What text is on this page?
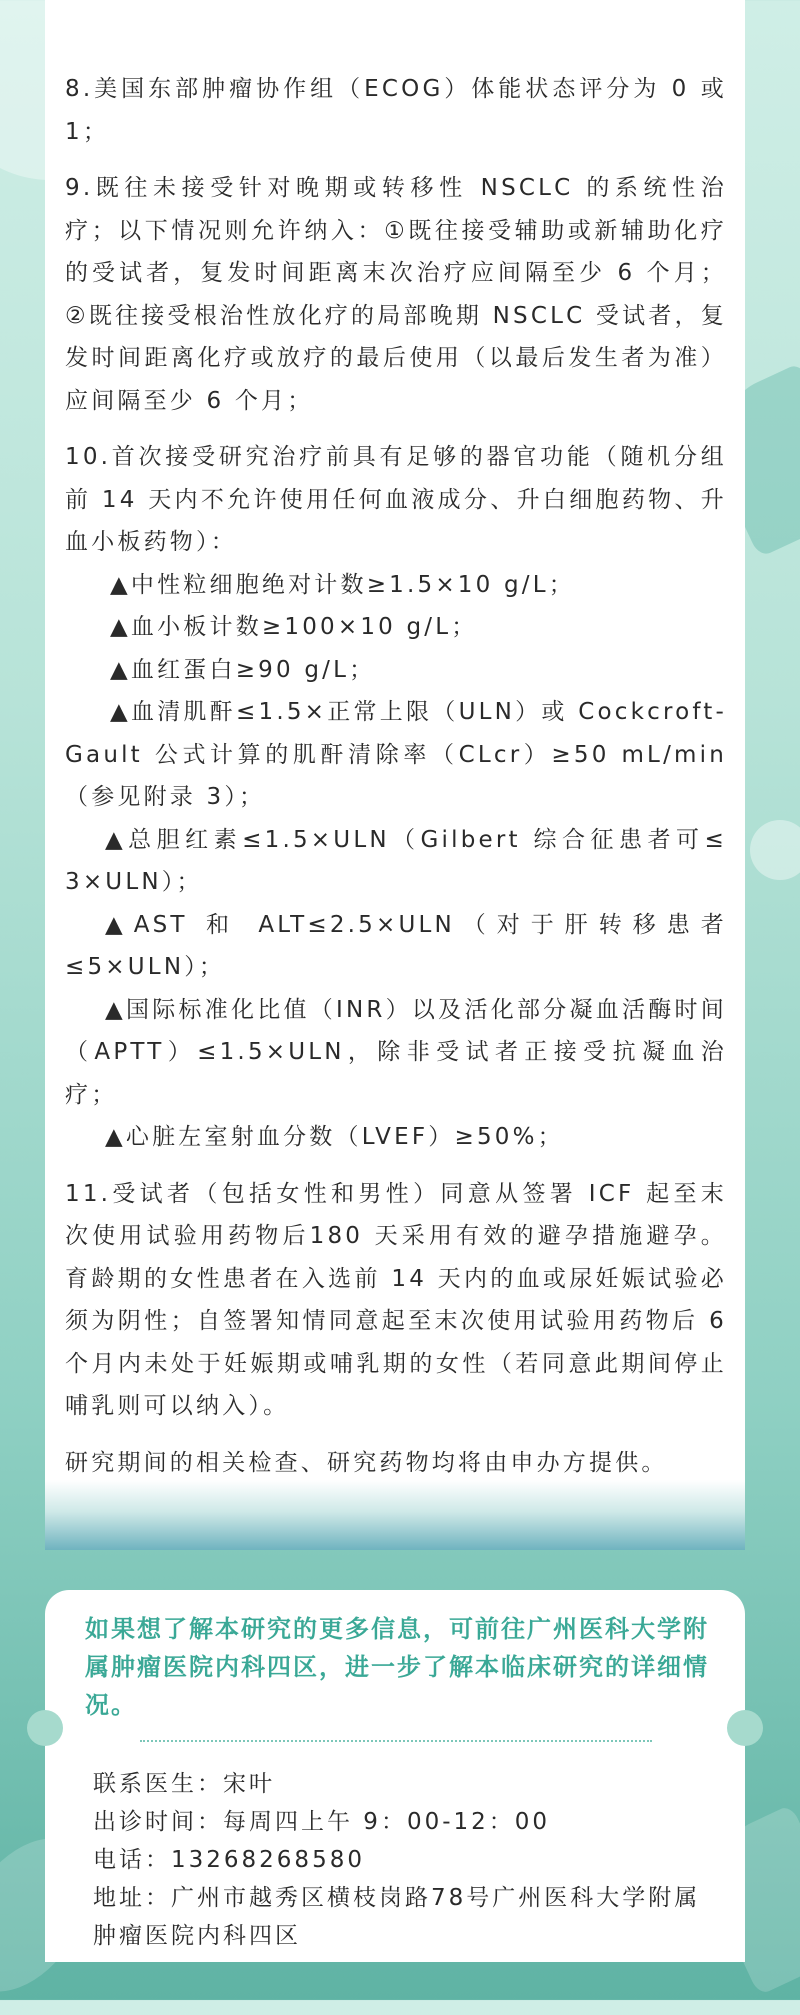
8.美国东部肿瘤协作组（ECOG）体能状态评分为 0 或 1；

9.既往未接受针对晚期或转移性 NSCLC 的系统性治疗；以下情况则允许纳入：①既往接受辅助或新辅助化疗的受试者，复发时间距离末次治疗应间隔至少 6 个月；②既往接受根治性放化疗的局部晚期 NSCLC 受试者，复发时间距离化疗或放疗的最后使用（以最后发生者为准）应间隔至少 6 个月；

10.首次接受研究治疗前具有足够的器官功能（随机分组前 14 天内不允许使用任何血液成分、升白细胞药物、升血小板药物）：

▲中性粒细胞绝对计数≥1.5×10 g/L；

▲血小板计数≥100×10 g/L；

▲血红蛋白≥90 g/L；

▲血清肌酐≤1.5×正常上限（ULN）或 Cockcroft-Gault 公式计算的肌酐清除率（CLcr）≥50 mL/min（参见附录 3）；

▲总胆红素≤1.5×ULN（Gilbert 综合征患者可≤ 3×ULN）；

▲AST 和 ALT≤2.5×ULN（对于肝转移患者≤5×ULN）；

▲国际标准化比值（INR）以及活化部分凝血活酶时间（APTT）≤1.5×ULN，除非受试者正接受抗凝血治疗；

▲心脏左室射血分数（LVEF）≥50%；

11.受试者（包括女性和男性）同意从签署 ICF 起至末次使用试验用药物后180 天采用有效的避孕措施避孕。育龄期的女性患者在入选前 14 天内的血或尿妊娠试验必须为阴性；自签署知情同意起至末次使用试验用药物后 6 个月内未处于妊娠期或哺乳期的女性（若同意此期间停止哺乳则可以纳入）。

研究期间的相关检查、研究药物均将由申办方提供。

如果想了解本研究的更多信息，可前往广州医科大学附属肿瘤医院内科四区，进一步了解本临床研究的详细情况。

联系医生：宋叶

出诊时间：每周四上午 9：00-12：00

电话：13268268580

地址：广州市越秀区横枝岗路78号广州医科大学附属肿瘤医院内科四区
